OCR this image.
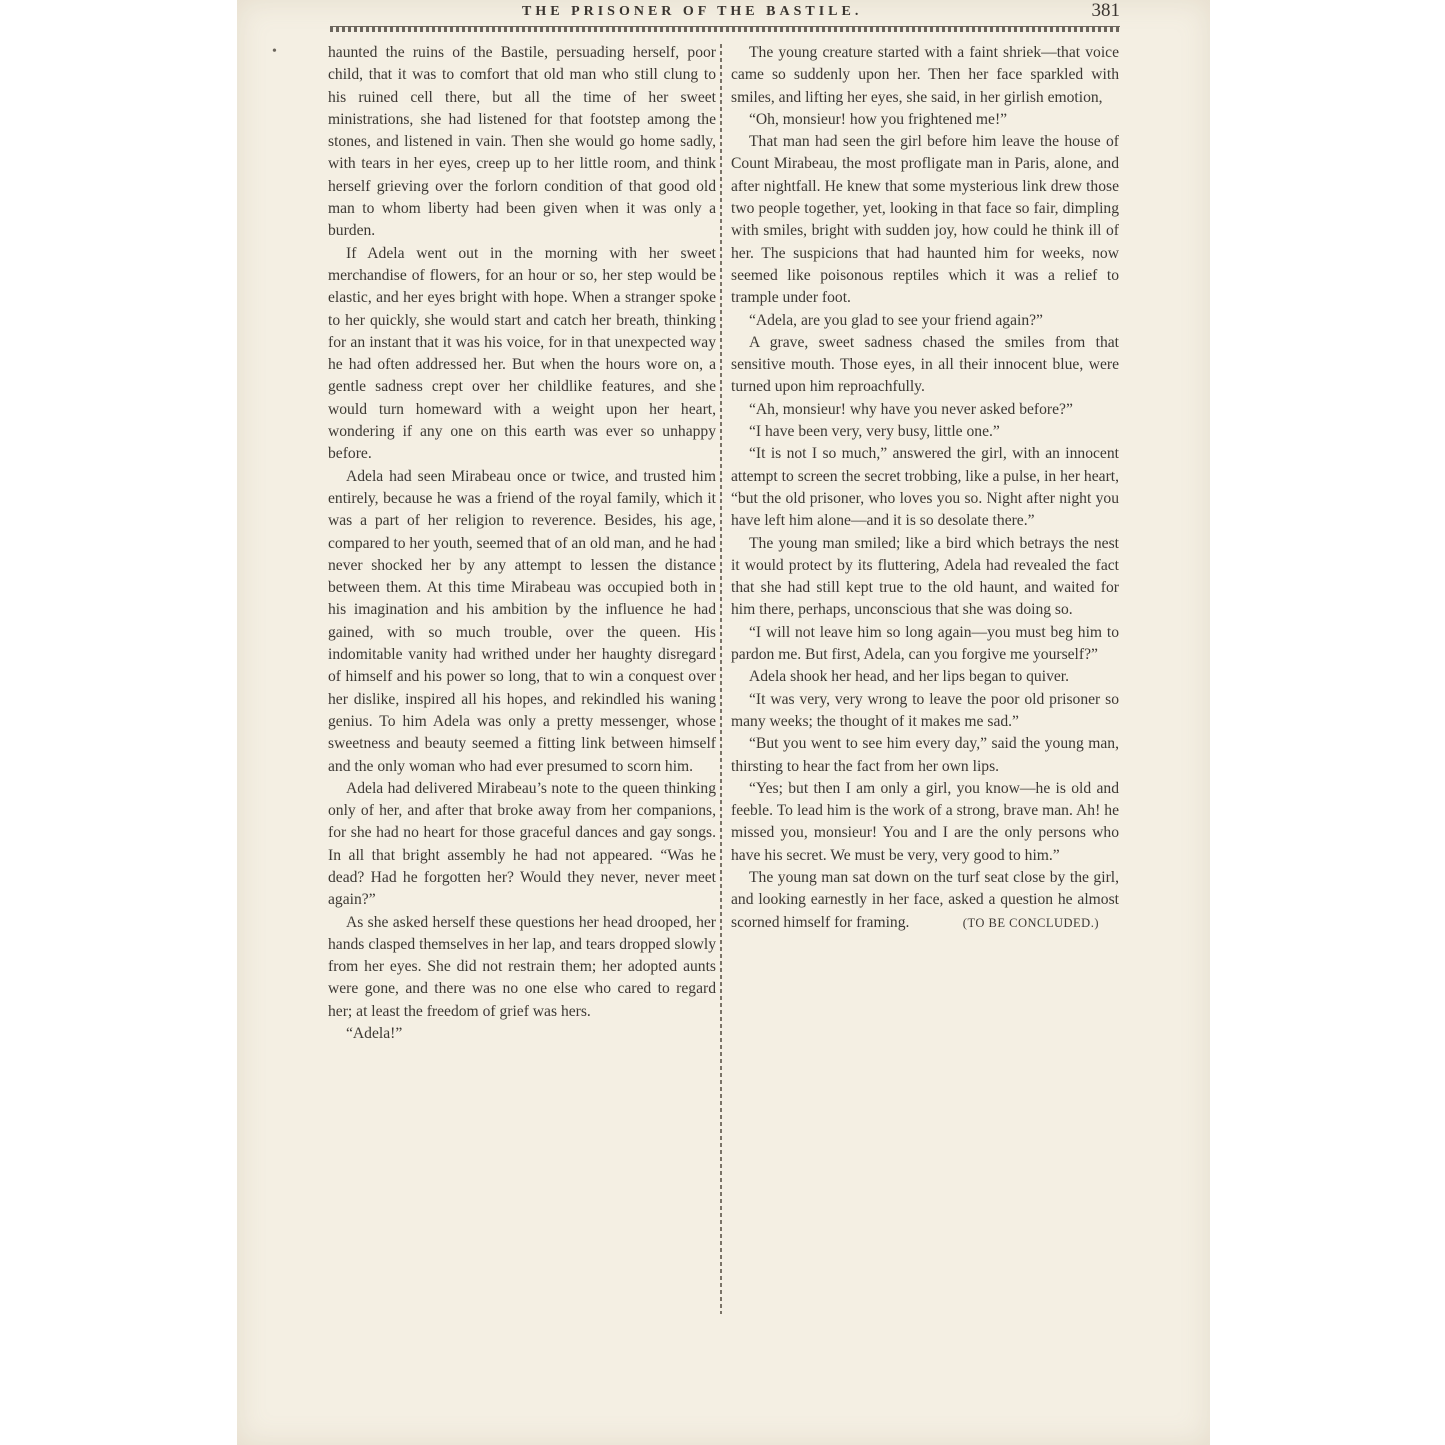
•
THE PRISONER OF THE BASTILE.	381

haunted the ruins of the Bastile, persuading herself, poor child, that it was to comfort that old man who still clung to his ruined cell there, but all the time of her sweet ministrations, she had listened for that footstep among the stones, and listened in vain. Then she would go home sadly, with tears in her eyes, creep up to her little room, and think herself grieving over the forlorn condition of that good old man to whom liberty had been given when it was only a burden.

If Adela went out in the morning with her sweet merchandise of flowers, for an hour or so, her step would be elastic, and her eyes bright with hope. When a stranger spoke to her quickly, she would start and catch her breath, thinking for an instant that it was his voice, for in that unexpected way he had often addressed her. But when the hours wore on, a gentle sadness crept over her childlike features, and she would turn homeward with a weight upon her heart, wondering if any one on this earth was ever so unhappy before.

Adela had seen Mirabeau once or twice, and trusted him entirely, because he was a friend of the royal family, which it was a part of her religion to reverence. Besides, his age, compared to her youth, seemed that of an old man, and he had never shocked her by any attempt to lessen the distance between them. At this time Mirabeau was occupied both in his imagination and his ambition by the influence he had gained, with so much trouble, over the queen. His indomitable vanity had writhed under her haughty disregard of himself and his power so long, that to win a conquest over her dislike, inspired all his hopes, and rekindled his waning genius. To him Adela was only a pretty messenger, whose sweetness and beauty seemed a fitting link between himself and the only woman who had ever presumed to scorn him.

Adela had delivered Mirabeau’s note to the queen thinking only of her, and after that broke away from her companions, for she had no heart for those graceful dances and gay songs. In all that bright assembly he had not appeared. “Was he dead? Had he forgotten her? Would they never, never meet again?”

As she asked herself these questions her head drooped, her hands clasped themselves in her lap, and tears dropped slowly from her eyes. She did not restrain them; her adopted aunts were gone, and there was no one else who cared to regard her; at least the freedom of grief was hers.

“Adela!”

The young creature started with a faint shriek—that voice came so suddenly upon her. Then her face sparkled with smiles, and lifting her eyes, she said, in her girlish emotion,

“Oh, monsieur! how you frightened me!”

That man had seen the girl before him leave the house of Count Mirabeau, the most profligate man in Paris, alone, and after nightfall. He knew that some mysterious link drew those two people together, yet, looking in that face so fair, dimpling with smiles, bright with sudden joy, how could he think ill of her. The suspicions that had haunted him for weeks, now seemed like poisonous reptiles which it was a relief to trample under foot.

“Adela, are you glad to see your friend again?”

A grave, sweet sadness chased the smiles from that sensitive mouth. Those eyes, in all their innocent blue, were turned upon him reproachfully.

“Ah, monsieur! why have you never asked before?”

“I have been very, very busy, little one.”

“It is not I so much,” answered the girl, with an innocent attempt to screen the secret trobbing, like a pulse, in her heart, “but the old prisoner, who loves you so. Night after night you have left him alone—and it is so desolate there.”

The young man smiled; like a bird which betrays the nest it would protect by its fluttering, Adela had revealed the fact that she had still kept true to the old haunt, and waited for him there, perhaps, unconscious that she was doing so.

“I will not leave him so long again—you must beg him to pardon me. But first, Adela, can you forgive me yourself?”

Adela shook her head, and her lips began to quiver.

“It was very, very wrong to leave the poor old prisoner so many weeks; the thought of it makes me sad.”

“But you went to see him every day,” said the young man, thirsting to hear the fact from her own lips.

“Yes; but then I am only a girl, you know—he is old and feeble. To lead him is the work of a strong, brave man. Ah! he missed you, monsieur! You and I are the only persons who have his secret. We must be very, very good to him.”

The young man sat down on the turf seat close by the girl, and looking earnestly in her face, asked a question he almost scorned himself for framing.	(TO BE CONCLUDED.)
